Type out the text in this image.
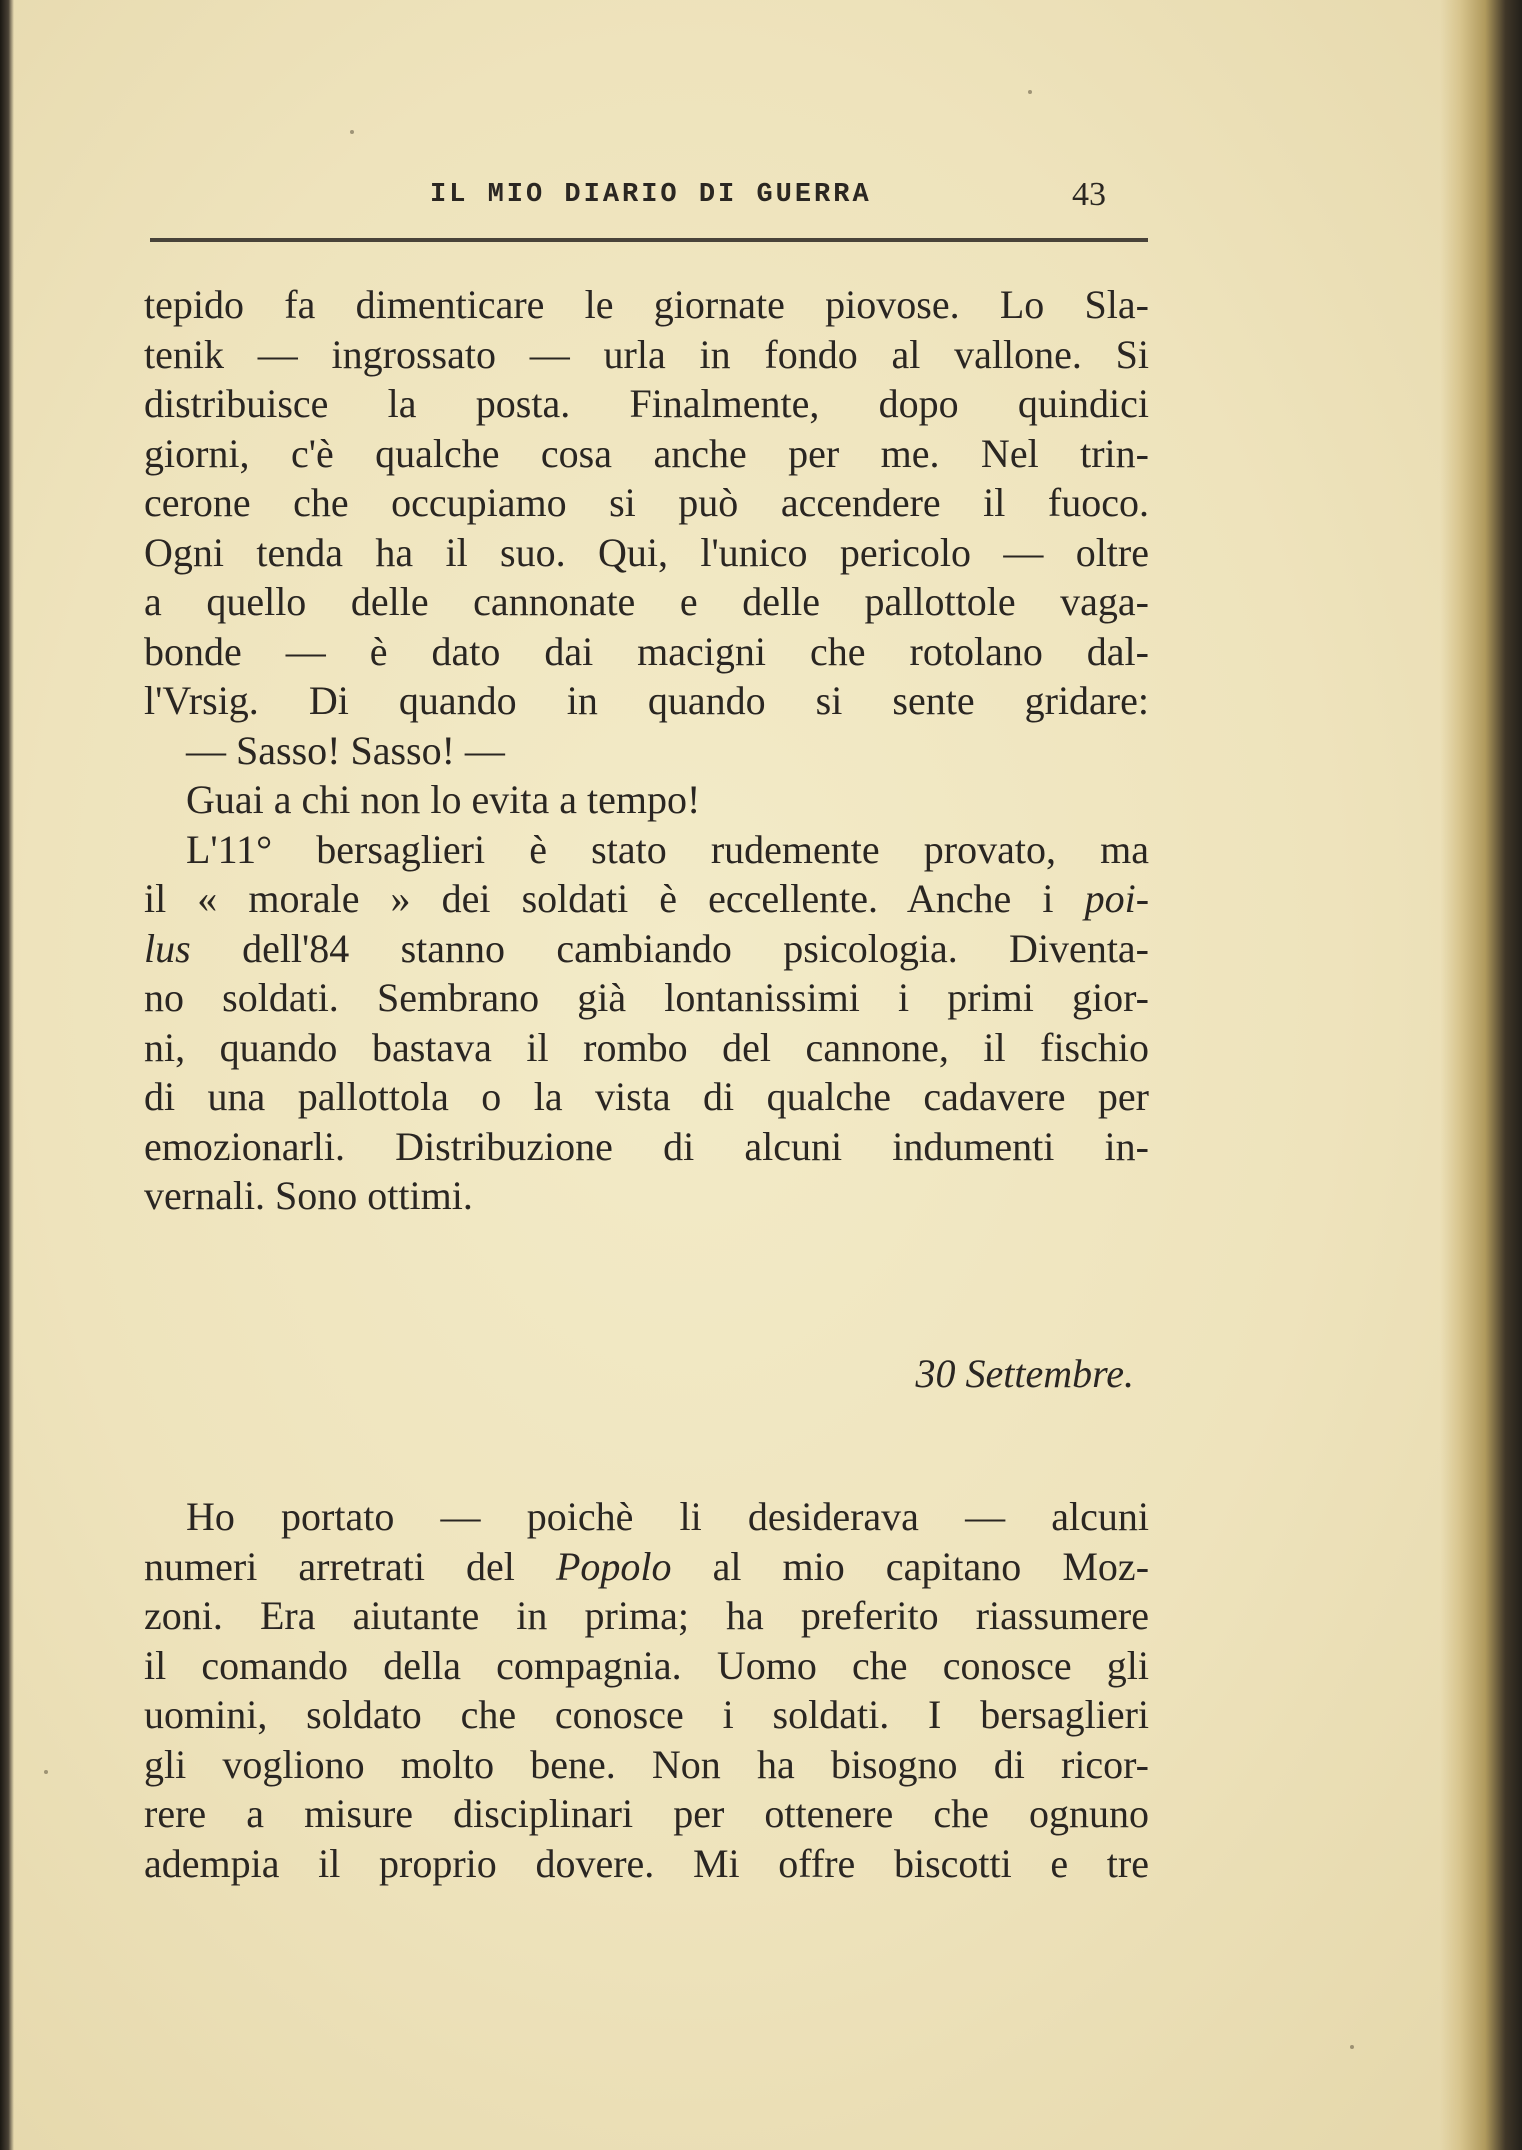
IL MIO DIARIO DI GUERRA	43
tepido fa dimenticare le giornate piovose. Lo Sla-
tenik — ingrossato — urla in fondo al vallone. Si
distribuisce la posta. Finalmente, dopo quindici
giorni, c'è qualche cosa anche per me. Nel trin-
cerone che occupiamo si può accendere il fuoco.
Ogni tenda ha il suo. Qui, l'unico pericolo — oltre
a quello delle cannonate e delle pallottole vaga-
bonde — è dato dai macigni che rotolano dal-
l'Vrsig. Di quando in quando si sente gridare:
— Sasso! Sasso! —
Guai a chi non lo evita a tempo!
L'11° bersaglieri è stato rudemente provato, ma
il « morale » dei soldati è eccellente. Anche i poi-
lus dell'84 stanno cambiando psicologia. Diventa-
no soldati. Sembrano già lontanissimi i primi gior-
ni, quando bastava il rombo del cannone, il fischio
di una pallottola o la vista di qualche cadavere per
emozionarli. Distribuzione di alcuni indumenti in-
vernali. Sono ottimi.
30 Settembre.
Ho portato — poichè li desiderava — alcuni
numeri arretrati del Popolo al mio capitano Moz-
zoni. Era aiutante in prima; ha preferito riassumere
il comando della compagnia. Uomo che conosce gli
uomini, soldato che conosce i soldati. I bersaglieri
gli vogliono molto bene. Non ha bisogno di ricor-
rere a misure disciplinari per ottenere che ognuno
adempia il proprio dovere. Mi offre biscotti e tre
